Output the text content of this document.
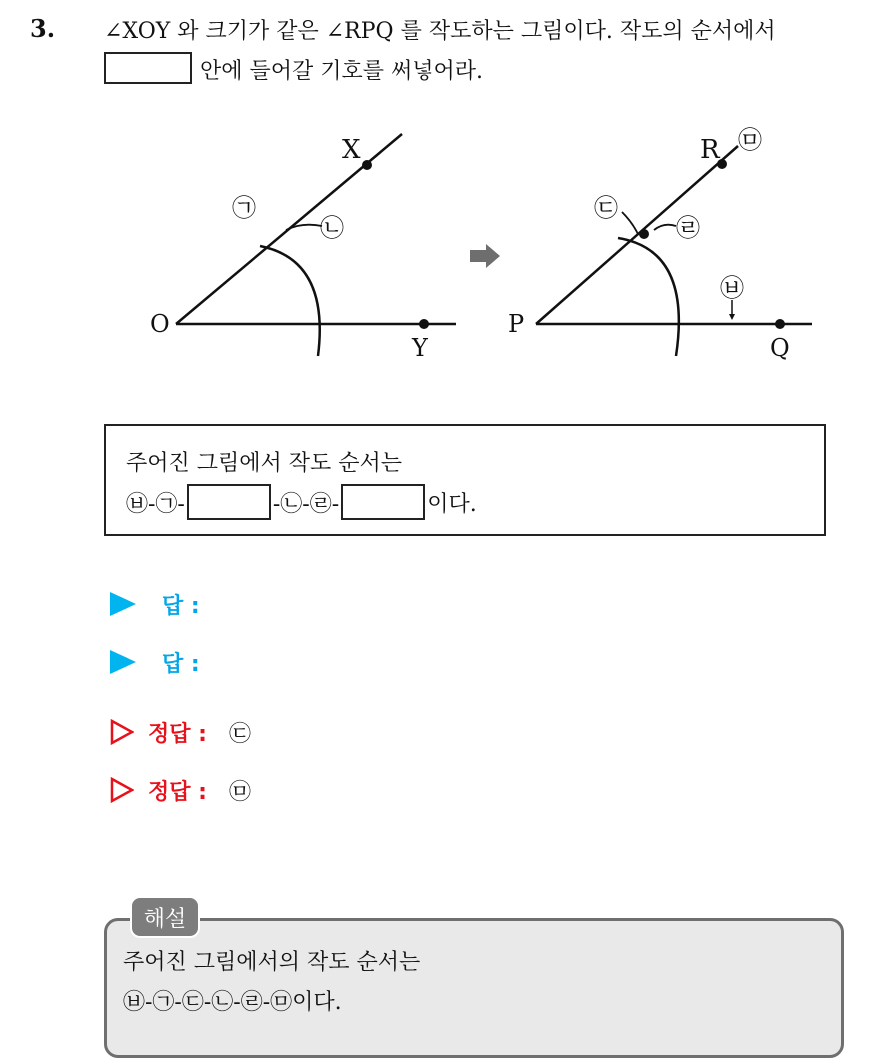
3. ∠XOY 와 크기가 같은 ∠RPQ 를 작도하는 그림이다. 작도의 순서에서
안에 들어갈 기호를 써넣어라.
O
X
Y
㉠
㉡
P
R
Q
㉢
㉣
㉤
㉥
주어진 그림에서 작도 순서는
㉥-㉠-	-㉡-㉣-	이다.
답 :
답 :
정답 : ㉢
정답 : ㉤
해설
주어진 그림에서의 작도 순서는
㉥-㉠-㉢-㉡-㉣-㉤이다.
